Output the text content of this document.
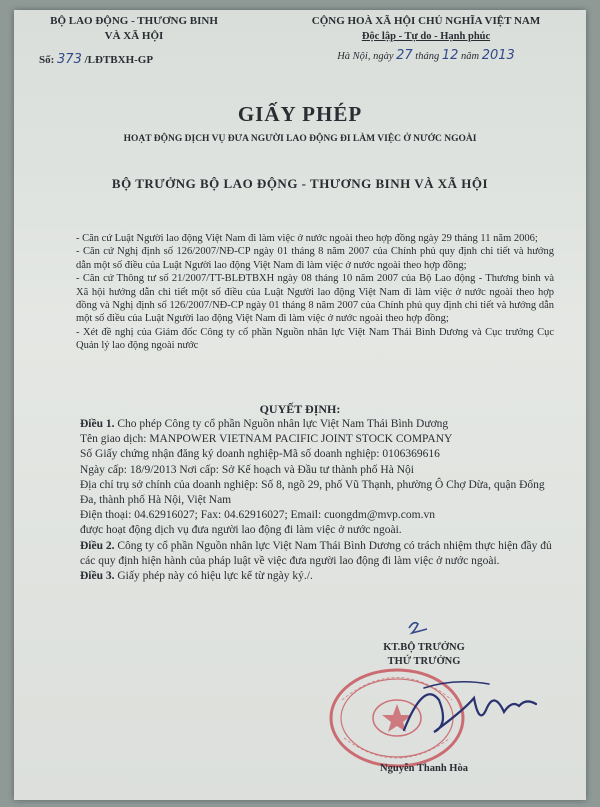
BỘ LAO ĐỘNG - THƯƠNG BINH
VÀ XÃ HỘI
Số: 373 /LĐTBXH-GP
CỘNG HOÀ XÃ HỘI CHỦ NGHĨA VIỆT NAM
Độc lập - Tự do - Hạnh phúc
Hà Nội, ngày 27 tháng 12 năm 2013
GIẤY PHÉP
HOẠT ĐỘNG DỊCH VỤ ĐƯA NGƯỜI LAO ĐỘNG ĐI LÀM VIỆC Ở NƯỚC NGOÀI
BỘ TRƯỞNG BỘ LAO ĐỘNG - THƯƠNG BINH VÀ XÃ HỘI

- Căn cứ Luật Người lao động Việt Nam đi làm việc ở nước ngoài theo hợp đồng ngày 29 tháng 11 năm 2006;

- Căn cứ Nghị định số 126/2007/NĐ-CP ngày 01 tháng 8 năm 2007 của Chính phủ quy định chi tiết và hướng dẫn một số điều của Luật Người lao động Việt Nam đi làm việc ở nước ngoài theo hợp đồng;

- Căn cứ Thông tư số 21/2007/TT-BLĐTBXH ngày 08 tháng 10 năm 2007 của Bộ Lao động - Thương binh và Xã hội hướng dẫn chi tiết một số điều của Luật Người lao động Việt Nam đi làm việc ở nước ngoài theo hợp đồng và Nghị định số 126/2007/NĐ-CP ngày 01 tháng 8 năm 2007 của Chính phủ quy định chi tiết và hướng dẫn một số điều của Luật Người lao động Việt Nam đi làm việc ở nước ngoài theo hợp đồng;

- Xét đề nghị của Giám đốc Công ty cổ phần Nguồn nhân lực Việt Nam Thái Bình Dương và Cục trưởng Cục Quản lý lao động ngoài nước

QUYẾT ĐỊNH:

Điều 1. Cho phép Công ty cổ phần Nguồn nhân lực Việt Nam Thái Bình Dương

Tên giao dịch: MANPOWER VIETNAM PACIFIC JOINT STOCK COMPANY

Số Giấy chứng nhận đăng ký doanh nghiệp-Mã số doanh nghiệp: 0106369616

Ngày cấp: 18/9/2013 Nơi cấp: Sở Kế hoạch và Đầu tư thành phố Hà Nội

Địa chỉ trụ sở chính của doanh nghiệp: Số 8, ngõ 29, phố Vũ Thạnh, phường Ô Chợ Dừa, quận Đống Đa, thành phố Hà Nội, Việt Nam

Điện thoại: 04.62916027; Fax: 04.62916027; Email: cuongdm@mvp.com.vn

được hoạt động dịch vụ đưa người lao động đi làm việc ở nước ngoài.

Điều 2. Công ty cổ phần Nguồn nhân lực Việt Nam Thái Bình Dương có trách nhiệm thực hiện đầy đủ các quy định hiện hành của pháp luật về việc đưa người lao động đi làm việc ở nước ngoài.

Điều 3. Giấy phép này có hiệu lực kể từ ngày ký./.

KT.BỘ TRƯỞNG
THỨ TRƯỞNG
Nguyễn Thanh Hòa
